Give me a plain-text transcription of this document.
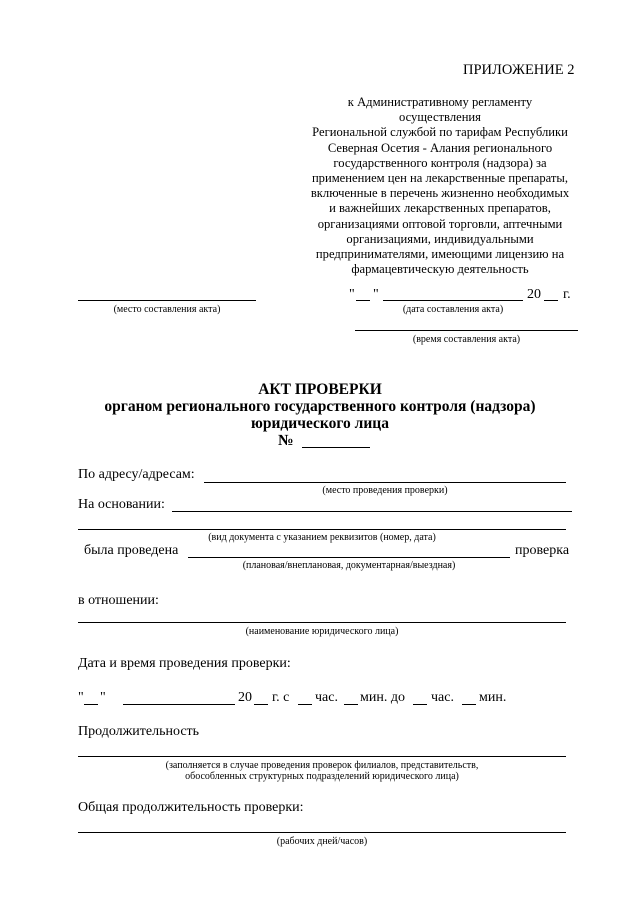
ПРИЛОЖЕНИЕ 2
к Административному регламенту
осуществления
Региональной службой по тарифам Республики
Северная Осетия - Алания регионального
государственного контроля (надзора) за
применением цен на лекарственные препараты,
включенные в перечень жизненно необходимых
и важнейших лекарственных препаратов,
организациями оптовой торговли, аптечными
организациями, индивидуальными
предпринимателями, имеющими лицензию на
фармацевтическую деятельность
(место составления акта)
" "	20 г.
(дата составления акта)
(время составления акта)
АКТ ПРОВЕРКИ
органом регионального государственного контроля (надзора)
юридического лица
№
По адресу/адресам:
(место проведения проверки)
На основании:
(вид документа с указанием реквизитов (номер, дата)
была проведена	проверка
(плановая/внеплановая, документарная/выездная)
в отношении:
(наименование юридического лица)
Дата и время проведения проверки:
" "	20 г. с час. мин. до час. мин.
Продолжительность
(заполняется в случае проведения проверок филиалов, представительств,
обособленных структурных подразделений юридического лица)
Общая продолжительность проверки:
(рабочих дней/часов)
